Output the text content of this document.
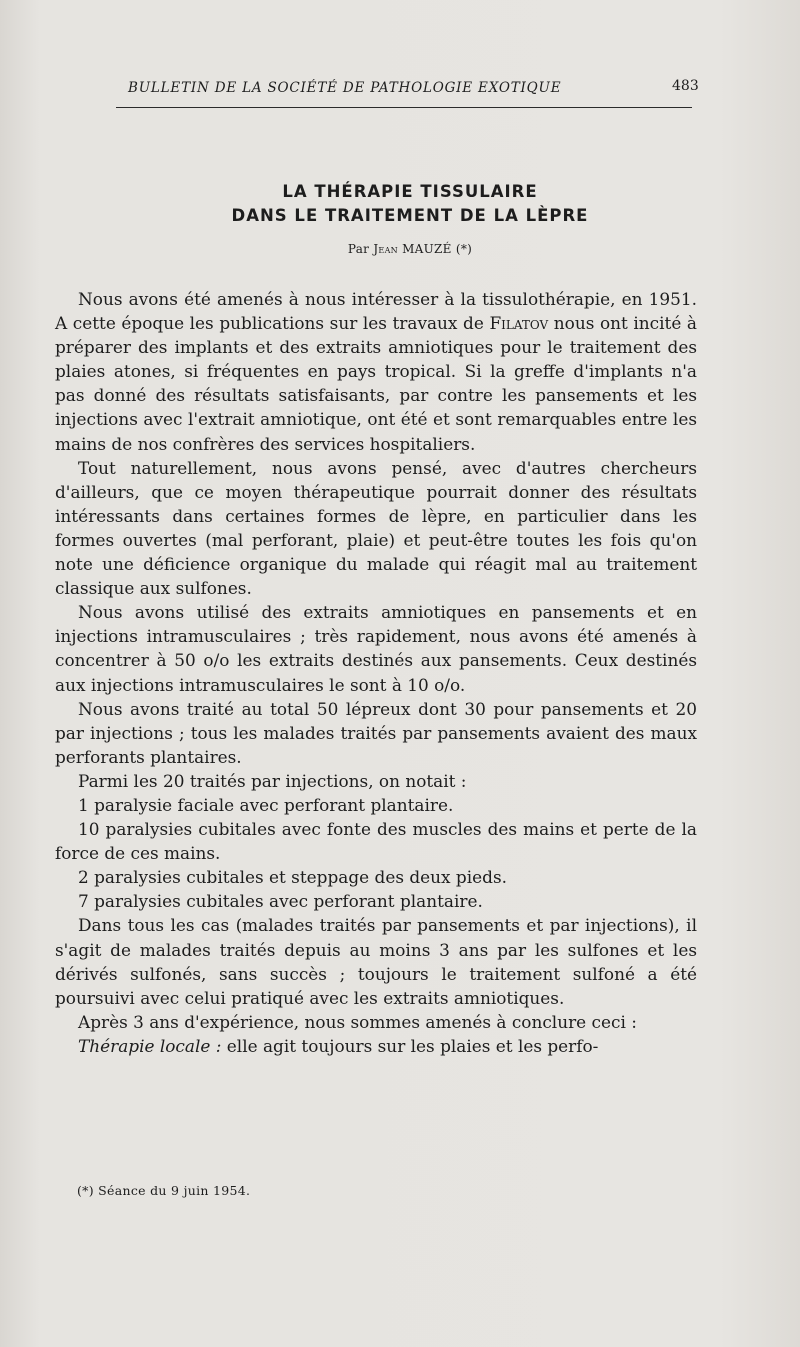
BULLETIN DE LA SOCIÉTÉ DE PATHOLOGIE EXOTIQUE	483
LA THÉRAPIE TISSULAIRE
DANS LE TRAITEMENT DE LA LÈPRE
Par Jean MAUZÉ (*)

Nous avons été amenés à nous intéresser à la tissulothérapie, en 1951. A cette époque les publications sur les travaux de Filatov nous ont incité à préparer des implants et des extraits amniotiques pour le traitement des plaies atones, si fréquentes en pays tropical. Si la greffe d'implants n'a pas donné des résultats satisfaisants, par contre les pansements et les injections avec l'extrait amniotique, ont été et sont remarquables entre les mains de nos confrères des services hospitaliers.

Tout naturellement, nous avons pensé, avec d'autres chercheurs d'ailleurs, que ce moyen thérapeutique pourrait donner des résultats intéressants dans certaines formes de lèpre, en particulier dans les formes ouvertes (mal perforant, plaie) et peut-être toutes les fois qu'on note une déficience organique du malade qui réagit mal au traitement classique aux sulfones.

Nous avons utilisé des extraits amniotiques en pansements et en injections intramusculaires ; très rapidement, nous avons été amenés à concentrer à 50 o/o les extraits destinés aux pansements. Ceux destinés aux injections intramusculaires le sont à 10 o/o.

Nous avons traité au total 50 lépreux dont 30 pour pansements et 20 par injections ; tous les malades traités par pansements avaient des maux perforants plantaires.

Parmi les 20 traités par injections, on notait :

1 paralysie faciale avec perforant plantaire.

10 paralysies cubitales avec fonte des muscles des mains et perte de la force de ces mains.

2 paralysies cubitales et steppage des deux pieds.

7 paralysies cubitales avec perforant plantaire.

Dans tous les cas (malades traités par pansements et par injections), il s'agit de malades traités depuis au moins 3 ans par les sulfones et les dérivés sulfonés, sans succès ; toujours le traitement sulfoné a été poursuivi avec celui pratiqué avec les extraits amniotiques.

Après 3 ans d'expérience, nous sommes amenés à conclure ceci :

Thérapie locale : elle agit toujours sur les plaies et les perfo-

(*) Séance du 9 juin 1954.
